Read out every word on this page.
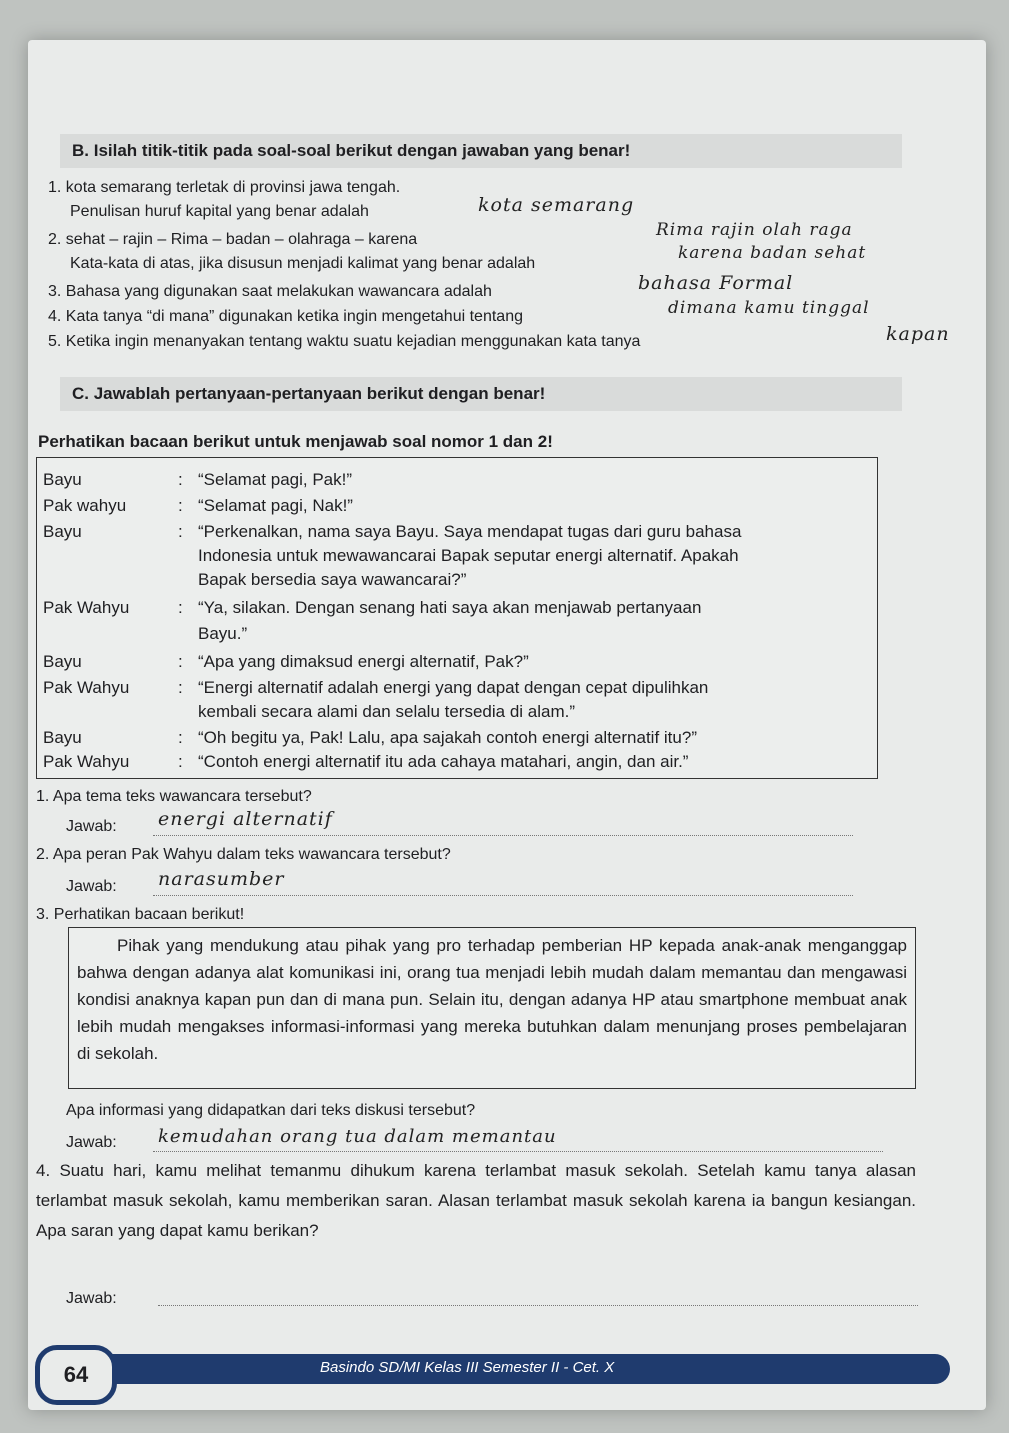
B. Isilah titik-titik pada soal-soal berikut dengan jawaban yang benar!
1. kota semarang terletak di provinsi jawa tengah.
Penulisan huruf kapital yang benar adalah	kota semarang
2. sehat – rajin – Rima – badan – olahraga – karena	Rima rajin olah raga
Kata-kata di atas, jika disusun menjadi kalimat yang benar adalah
karena badan sehat
3. Bahasa yang digunakan saat melakukan wawancara adalah	bahasa Formal
4. Kata tanya “di mana” digunakan ketika ingin mengetahui tentang	dimana kamu tinggal
5. Ketika ingin menanyakan tentang waktu suatu kejadian menggunakan kata tanya	kapan
C. Jawablah pertanyaan-pertanyaan berikut dengan benar!
Perhatikan bacaan berikut untuk menjawab soal nomor 1 dan 2!
Bayu	: “Selamat pagi, Pak!”
Pak wahyu	: “Selamat pagi, Nak!”
Bayu	: “Perkenalkan, nama saya Bayu. Saya mendapat tugas dari guru bahasa
Indonesia untuk mewawancarai Bapak seputar energi alternatif. Apakah
Bapak bersedia saya wawancarai?”
Pak Wahyu	: “Ya, silakan. Dengan senang hati saya akan menjawab pertanyaan
Bayu.”
Bayu	: “Apa yang dimaksud energi alternatif, Pak?”
Pak Wahyu	: “Energi alternatif adalah energi yang dapat dengan cepat dipulihkan
kembali secara alami dan selalu tersedia di alam.”
Bayu	: “Oh begitu ya, Pak! Lalu, apa sajakah contoh energi alternatif itu?”
Pak Wahyu	: “Contoh energi alternatif itu ada cahaya matahari, angin, dan air.”
1. Apa tema teks wawancara tersebut?
Jawab: energi alternatif
2. Apa peran Pak Wahyu dalam teks wawancara tersebut?
Jawab: narasumber
3. Perhatikan bacaan berikut!
Pihak yang mendukung atau pihak yang pro terhadap pemberian HP kepada anak-anak menganggap bahwa dengan adanya alat komunikasi ini, orang tua menjadi lebih mudah dalam memantau dan mengawasi kondisi anaknya kapan pun dan di mana pun. Selain itu, dengan adanya HP atau smartphone membuat anak lebih mudah mengakses informasi-informasi yang mereka butuhkan dalam menunjang proses pembelajaran di sekolah.
Apa informasi yang didapatkan dari teks diskusi tersebut?
Jawab: kemudahan orang tua dalam memantau
4. Suatu hari, kamu melihat temanmu dihukum karena terlambat masuk sekolah. Setelah kamu tanya alasan terlambat masuk sekolah, kamu memberikan saran. Alasan terlambat masuk sekolah karena ia bangun kesiangan. Apa saran yang dapat kamu berikan?
Jawab:
Basindo SD/MI Kelas III Semester II - Cet. X
64
